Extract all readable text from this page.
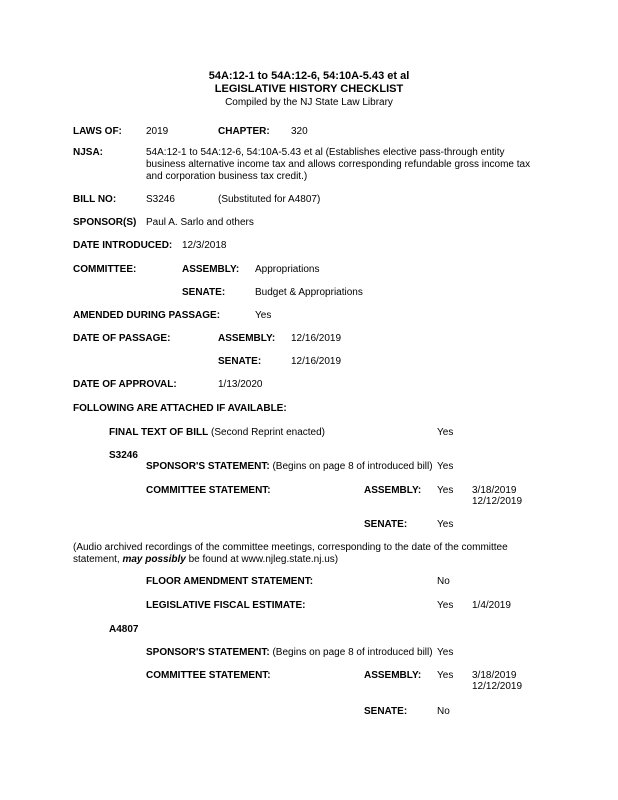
54A:12-1 to 54A:12-6, 54:10A-5.43 et al
LEGISLATIVE HISTORY CHECKLIST
Compiled by the NJ State Law Library
LAWS OF: 2019	CHAPTER: 320
NJSA:	54A:12-1 to 54A:12-6, 54:10A-5.43 et al (Establishes elective pass-through entity business alternative income tax and allows corresponding refundable gross income tax and corporation business tax credit.)
BILL NO:	S3246	(Substituted for A4807)
SPONSOR(S) Paul A. Sarlo and others
DATE INTRODUCED: 12/3/2018
COMMITTEE:	ASSEMBLY: Appropriations
SENATE:	Budget & Appropriations
AMENDED DURING PASSAGE:	Yes
DATE OF PASSAGE:	ASSEMBLY: 12/16/2019
SENATE:	12/16/2019
DATE OF APPROVAL:	1/13/2020
FOLLOWING ARE ATTACHED IF AVAILABLE:
FINAL TEXT OF BILL (Second Reprint enacted)	Yes
S3246
SPONSOR'S STATEMENT: (Begins on page 8 of introduced bill) Yes
COMMITTEE STATEMENT:	ASSEMBLY: Yes 3/18/2019
12/12/2019
SENATE:	Yes
(Audio archived recordings of the committee meetings, corresponding to the date of the committee statement, may possibly be found at www.njleg.state.nj.us)
FLOOR AMENDMENT STATEMENT:	No
LEGISLATIVE FISCAL ESTIMATE:	Yes 1/4/2019
A4807
SPONSOR'S STATEMENT: (Begins on page 8 of introduced bill) Yes
COMMITTEE STATEMENT:	ASSEMBLY: Yes 3/18/2019
12/12/2019
SENATE:	No
